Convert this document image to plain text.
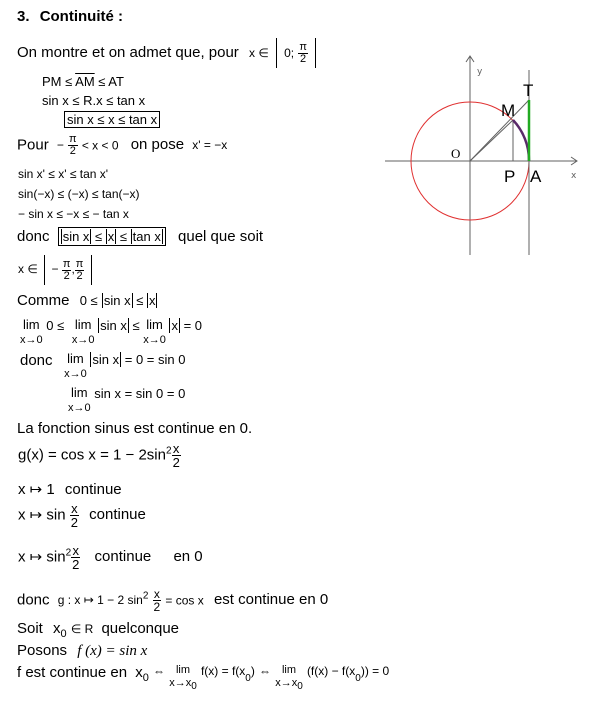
3. Continuité :
On montre et on admet que, pour x ∈ 0; $\frac{\pi}{2}$

PM ≤ $\overline{AM}$ ≤ AT
sin x ≤ R.x ≤ tan x
sin x ≤ x ≤ tan x
Pour − $\frac{\pi}{2} < x < 0$ on pose x' = −x
sin x' ≤ x' ≤ tan x'
sin(−x) ≤ (−x) ≤ tan(−x)
− sin x ≤ −x ≤ − tan x
donc sin x ≤ x ≤ tan x quel que soit
x ∈ − $\frac{\pi}{2}$ , $\frac{\pi}{2}$

Comme 0 ≤ sin x ≤ x
lim
x→0 0 ≤ lim
x→0 sin x ≤ lim
x→0 x = 0
donc lim
x→0 sin x = 0 = sin 0
lim
x→0 sin x = sin 0 = 0
La fonction sinus est continue en 0.
$g(x) = \cos x = 1 - 2\sin^2 \frac{x}{2}$
x ↦ 1 continue
x ↦ $\sin \frac{x}{2}$ continue
x ↦ $\sin^2 \frac{x}{2}$ continue en 0
donc g : x ↦ 1 − 2 $\sin^2 \frac{x}{2} = \cos x$ est continue en 0
Soit $x_0$ ∈ R quelconque
Posons f (x) = sin x
f est continue en $x_0$ ⇔ lim
$x\to x_0$ $^{f(x) = f(x}_0$) ⇔ lim
$x\to x_0$ $^{(f(x) - f(x}_0^{)) = 0}$
y
x
O
M
T
P A
